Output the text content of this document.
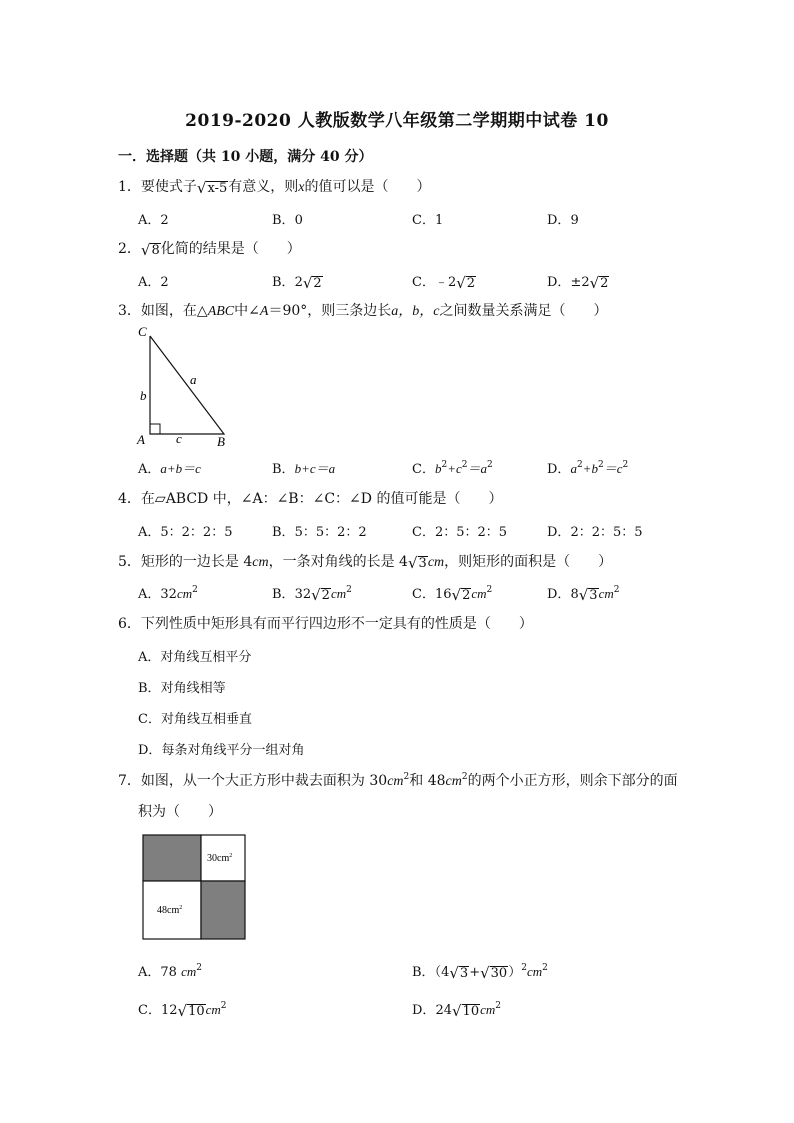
2019-2020 人教版数学八年级第二学期期中试卷 10
一．选择题（共 10 小题，满分 40 分）
1．要使式子 √ x-5 有意义，则x的值可以是（　　）
A．2	B．0	C．1	D．9
2． √ 8 化简的结果是（　　）
A．2	B．2 √ 2	C．﹣2 √ 2	D．±2 √ 2
3．如图，在△ABC中∠A＝90°，则三条边长a，b，c之间数量关系满足（　　）
C
A	B
a
b
c
A．a+b＝c	B．b+c＝a	C．$b^2+c^2=a^2$	D．$a^2+b^2=c^2$
4．在▱ABCD 中，∠A：∠B：∠C：∠D 的值可能是（　　）
A．5：2：2：5	B．5：5：2：2	C．2：5：2：5	D．2：2：5：5
5．矩形的一边长是 4cm，一条对角线的长是 4 √ 3 cm，则矩形的面积是（　　）
A．$32cm^2$	B．32 √ 2 $cm^2$	C．16 √ 2 $cm^2$	D．8 √ 3 $cm^2$
6．下列性质中矩形具有而平行四边形不一定具有的性质是（　　）
A．对角线互相平分
B．对角线相等
C．对角线互相垂直
D．每条对角线平分一组对角
7．如图，从一个大正方形中裁去面积为 $30cm^2$和 $48cm^2$的两个小正方形，则余下部分的面
积为（　　）
$30cm^2$
$48cm^2$
A．78 $cm^2$	B．（4 √ 3 + √ 30 ）$^2cm^2$
C．12 √ 10 $cm^2$	D．24 √ 10 $cm^2$
